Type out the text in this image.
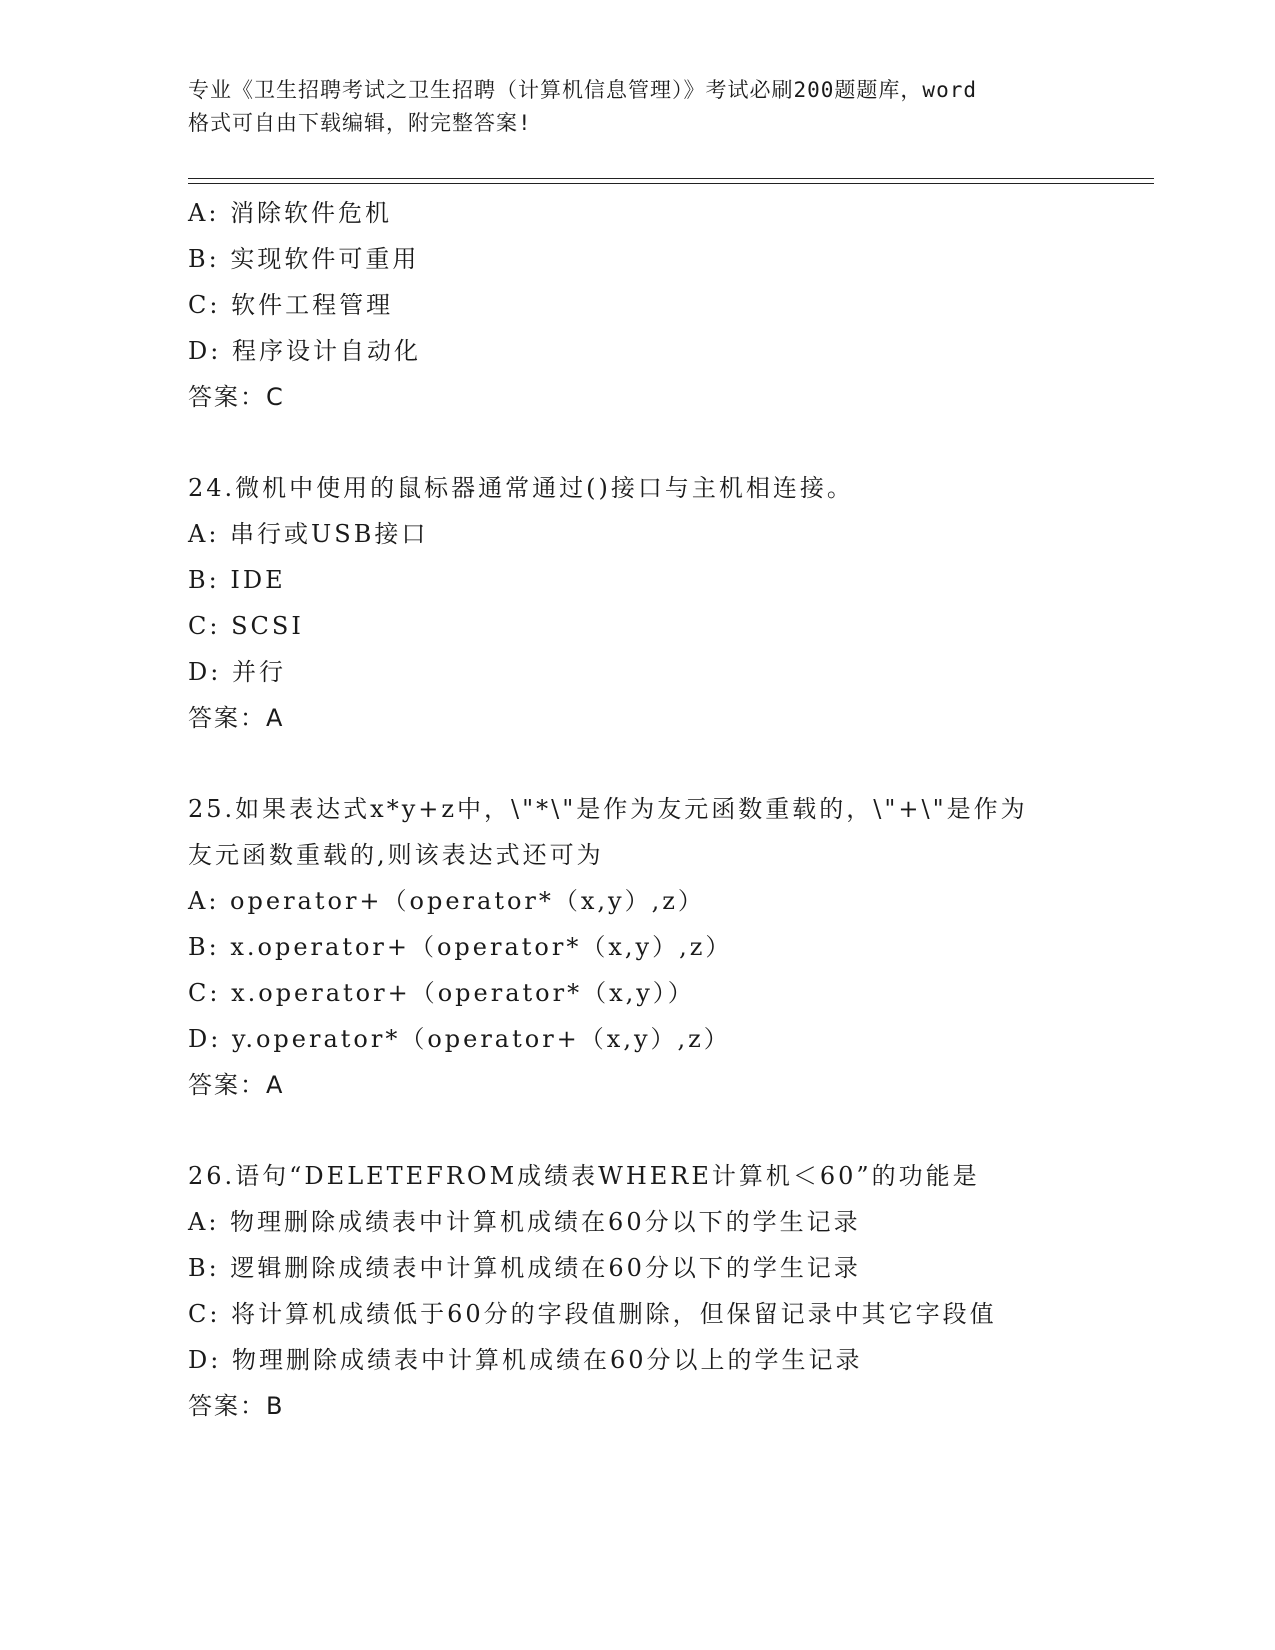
专业《卫生招聘考试之卫生招聘（计算机信息管理）》考试必刷200题题库，word
格式可自由下载编辑，附完整答案!
A: 消除软件危机
B: 实现软件可重用
C: 软件工程管理
D: 程序设计自动化
答案：C
24.微机中使用的鼠标器通常通过()接口与主机相连接。
A: 串行或USB接口
B: IDE
C: SCSI
D: 并行
答案：A
25.如果表达式x*y+z中，\"*\"是作为友元函数重载的，\"+\"是作为
友元函数重载的,则该表达式还可为
A: operator+（operator*（x,y）,z）
B: x.operator+（operator*（x,y）,z）
C: x.operator+（operator*（x,y））
D: y.operator*（operator+（x,y）,z）
答案：A
26.语句“DELETEFROM成绩表WHERE计算机＜60”的功能是
A: 物理删除成绩表中计算机成绩在60分以下的学生记录
B: 逻辑删除成绩表中计算机成绩在60分以下的学生记录
C: 将计算机成绩低于60分的字段值删除，但保留记录中其它字段值
D: 物理删除成绩表中计算机成绩在60分以上的学生记录
答案：B
